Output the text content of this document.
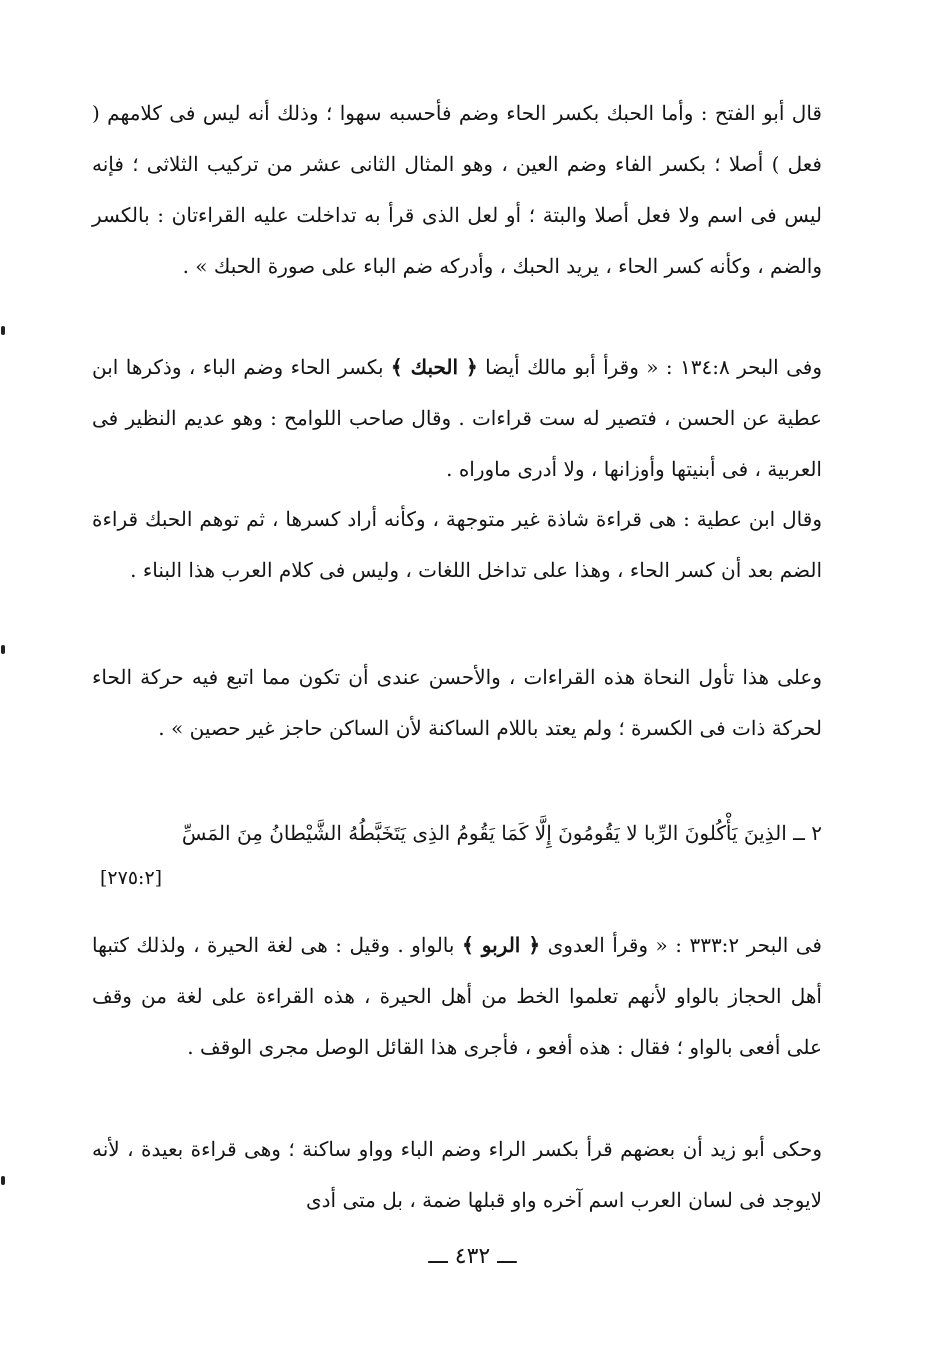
قال أبو الفتح : وأما الحبك بكسر الحاء وضم فأحسبه سهوا ؛ وذلك أنه ليس فى كلامهم ( فعل ) أصلا ؛ بكسر الفاء وضم العين ، وهو المثال الثانى عشر من تركيب الثلاثى ؛ فإنه ليس فى اسم ولا فعل أصلا والبتة ؛ أو لعل الذى قرأ به تداخلت عليه القراءتان : بالكسر والضم ، وكأنه كسر الحاء ، يريد الحبك ، وأدركه ضم الباء على صورة الحبك » .

وفى البحر ١٣٤:٨ : « وقرأ أبو مالك أيضا ﴿ الحبك ﴾ بكسر الحاء وضم الباء ، وذكرها ابن عطية عن الحسن ، فتصير له ست قراءات . وقال صاحب اللوامح : وهو عديم النظير فى العربية ، فى أبنيتها وأوزانها ، ولا أدرى ماوراه .

وقال ابن عطية : هى قراءة شاذة غير متوجهة ، وكأنه أراد كسرها ، ثم توهم الحبك قراءة الضم بعد أن كسر الحاء ، وهذا على تداخل اللغات ، وليس فى كلام العرب هذا البناء .

وعلى هذا تأول النحاة هذه القراءات ، والأحسن عندى أن تكون مما اتبع فيه حركة الحاء لحركة ذات فى الكسرة ؛ ولم يعتد باللام الساكنة لأن الساكن حاجز غير حصين » .

٢ ــ الذِينَ يَأْكُلونَ الرِّبا لا يَقُومُونَ إِلَّا كَمَا يَقُومُ الذِى يَتَخَبَّطُهُ الشَّيْطانُ مِنَ المَسِّ
[٢٧٥:٢]

فى البحر ٣٣٣:٢ : « وقرأ العدوى ﴿ الربو ﴾ بالواو . وقيل : هى لغة الحيرة ، ولذلك كتبها أهل الحجاز بالواو لأنهم تعلموا الخط من أهل الحيرة ، هذه القراءة على لغة من وقف على أفعى بالواو ؛ فقال : هذه أفعو ، فأجرى هذا القائل الوصل مجرى الوقف .

وحكى أبو زيد أن بعضهم قرأ بكسر الراء وضم الباء وواو ساكنة ؛ وهى قراءة بعيدة ، لأنه لايوجد فى لسان العرب اسم آخره واو قبلها ضمة ، بل متى أدى

ـــ ٤٣٢ ـــ
